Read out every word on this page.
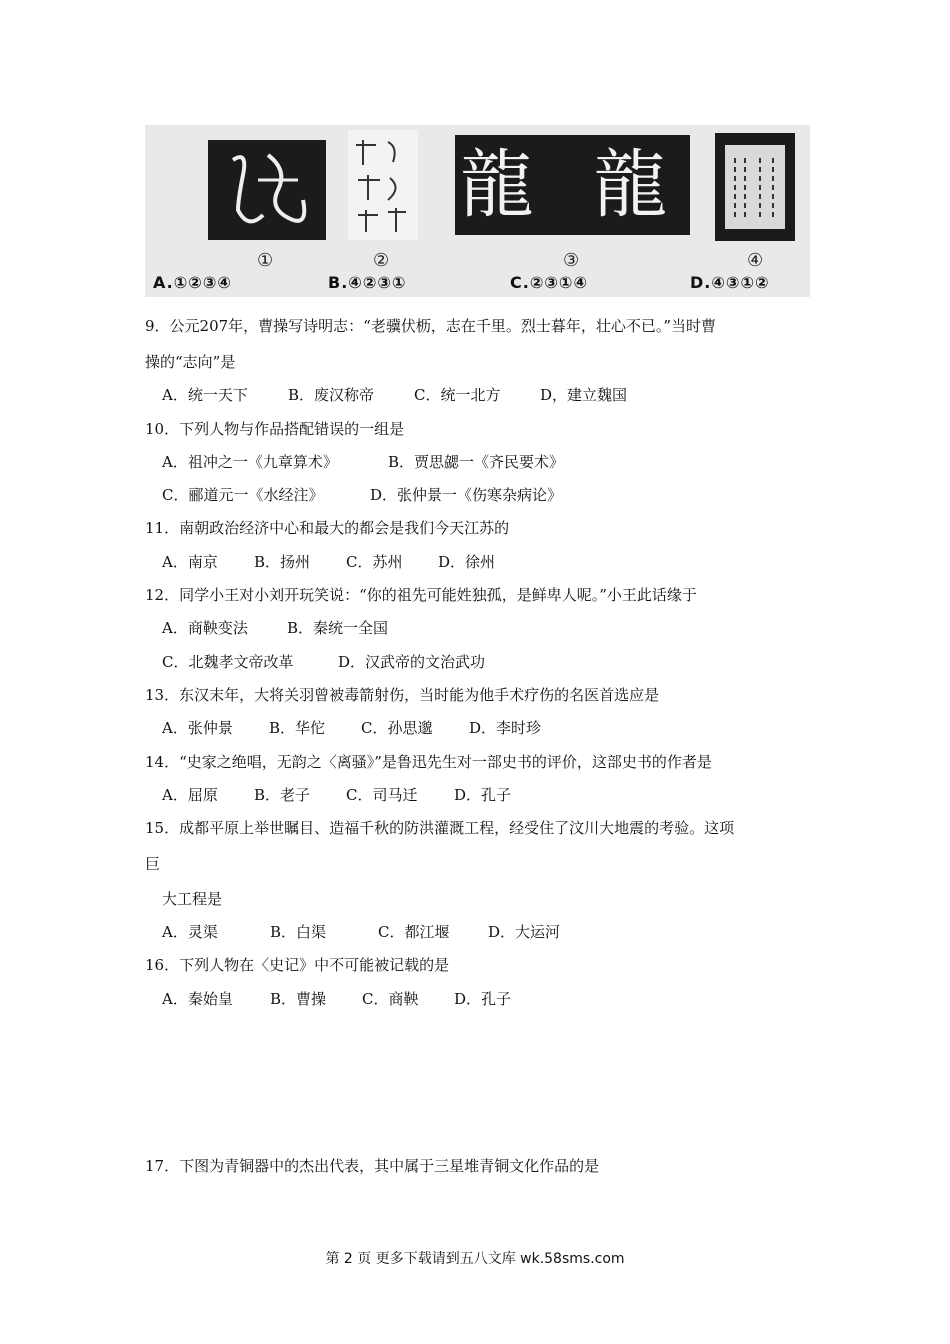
龍 龍
①	②	③	④
A.①②③④	B.④②③①	C.②③①④	D.④③①②
9．公元207年，曹操写诗明志：“老骥伏枥，志在千里。烈士暮年，壮心不已。”当时曹
操的“志向”是
A．统一天下	B．废汉称帝	C．统一北方	D，建立魏国
10．下列人物与作品搭配错误的一组是
A．祖冲之一《九章算术》	B．贾思勰一《齐民要术》
C．郦道元一《水经注》	D．张仲景一《伤寒杂病论》
11．南朝政治经济中心和最大的都会是我们今天江苏的
A．南京 B．扬州 C．苏州 D．徐州
12．同学小王对小刘开玩笑说：“你的祖先可能姓独孤，是鲜卑人呢。”小王此话缘于
A．商鞅变法	B．秦统一全国
C．北魏孝文帝改革	D．汉武帝的文治武功
13．东汉末年，大将关羽曾被毒箭射伤，当时能为他手术疗伤的名医首选应是
A．张仲景 B．华佗 C．孙思邈 D．李时珍
14．“史家之绝唱，无韵之〈离骚》”是鲁迅先生对一部史书的评价，这部史书的作者是
A．屈原 B．老子 C．司马迁 D．孔子
15．成都平原上举世瞩目、造福千秋的防洪灌溉工程，经受住了汶川大地震的考验。这项
巨
大工程是
A．灵渠	B．白渠	C．都江堰	D．大运河
16．下列人物在〈史记》中不可能被记载的是
A．秦始皇 B．曹操 C．商鞅 D．孔子
17．下图为青铜器中的杰出代表，其中属于三星堆青铜文化作品的是
第 2 页 更多下载请到五八文库 wk.58sms.com
